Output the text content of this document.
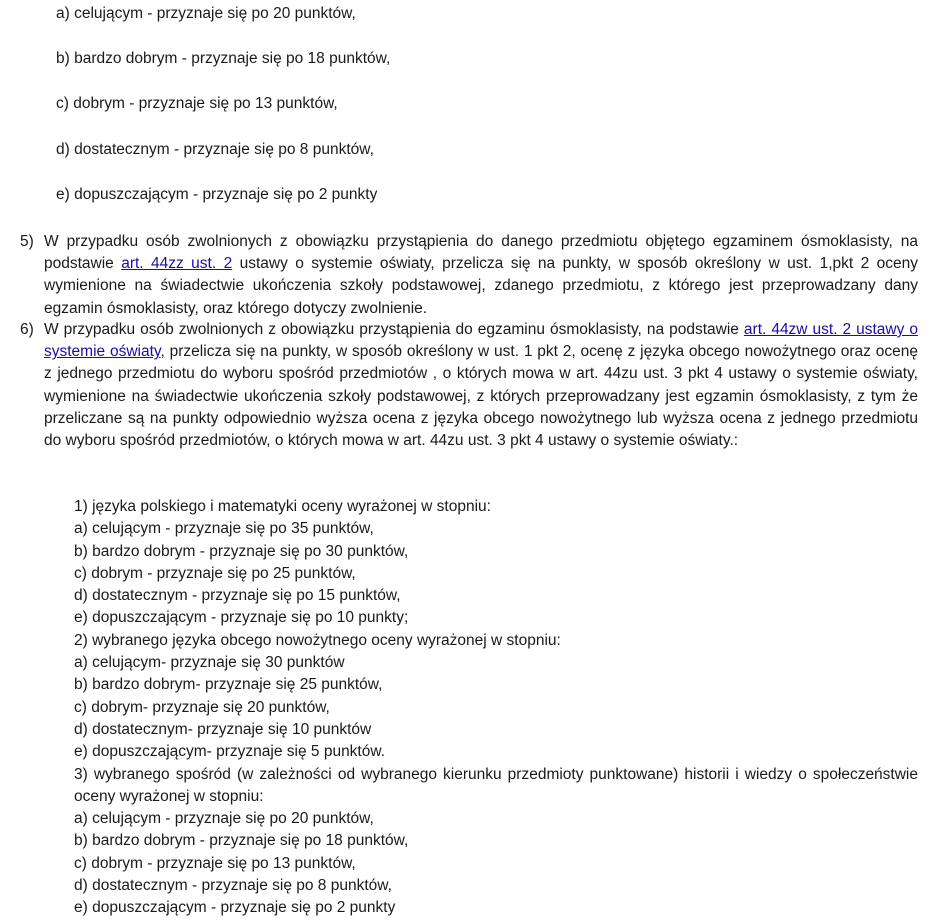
a) celującym - przyznaje się po 20 punktów,
b) bardzo dobrym - przyznaje się po 18 punktów,
c) dobrym - przyznaje się po 13 punktów,
d) dostatecznym - przyznaje się po 8 punktów,
e) dopuszczającym - przyznaje się po 2 punkty
5) W przypadku osób zwolnionych z obowiązku przystąpienia do danego przedmiotu objętego egzaminem ósmoklasisty, na podstawie art. 44zz ust. 2 ustawy o systemie oświaty, przelicza się na punkty, w sposób określony w ust. 1,pkt 2 oceny wymienione na świadectwie ukończenia szkoły podstawowej, zdanego przedmiotu, z którego jest przeprowadzany dany egzamin ósmoklasisty, oraz którego dotyczy zwolnienie.
6) W przypadku osób zwolnionych z obowiązku przystąpienia do egzaminu ósmoklasisty, na podstawie art. 44zw ust. 2 ustawy o systemie oświaty, przelicza się na punkty, w sposób określony w ust. 1 pkt 2, ocenę z języka obcego nowożytnego oraz ocenę z jednego przedmiotu do wyboru spośród przedmiotów , o których mowa w art. 44zu ust. 3 pkt 4 ustawy o systemie oświaty, wymienione na świadectwie ukończenia szkoły podstawowej, z których przeprowadzany jest egzamin ósmoklasisty, z tym że przeliczane są na punkty odpowiednio wyższa ocena z języka obcego nowożytnego lub wyższa ocena z jednego przedmiotu do wyboru spośród przedmiotów, o których mowa w art. 44zu ust. 3 pkt 4 ustawy o systemie oświaty.:
1) języka polskiego i matematyki oceny wyrażonej w stopniu:
a) celującym - przyznaje się po 35 punktów,
b) bardzo dobrym - przyznaje się po 30 punktów,
c) dobrym - przyznaje się po 25 punktów,
d) dostatecznym - przyznaje się po 15 punktów,
e) dopuszczającym - przyznaje się po 10 punkty;
2) wybranego języka obcego nowożytnego oceny wyrażonej w stopniu:
a) celującym- przyznaje się 30 punktów
b) bardzo dobrym- przyznaje się 25 punktów,
c) dobrym- przyznaje się 20 punktów,
d) dostatecznym- przyznaje się 10 punktów
e) dopuszczającym- przyznaje się 5 punktów.
3) wybranego spośród (w zależności od wybranego kierunku przedmioty punktowane) historii i wiedzy o społeczeństwie oceny wyrażonej w stopniu:
a) celującym - przyznaje się po 20 punktów,
b) bardzo dobrym - przyznaje się po 18 punktów,
c) dobrym - przyznaje się po 13 punktów,
d) dostatecznym - przyznaje się po 8 punktów,
e) dopuszczającym - przyznaje się po 2 punkty
